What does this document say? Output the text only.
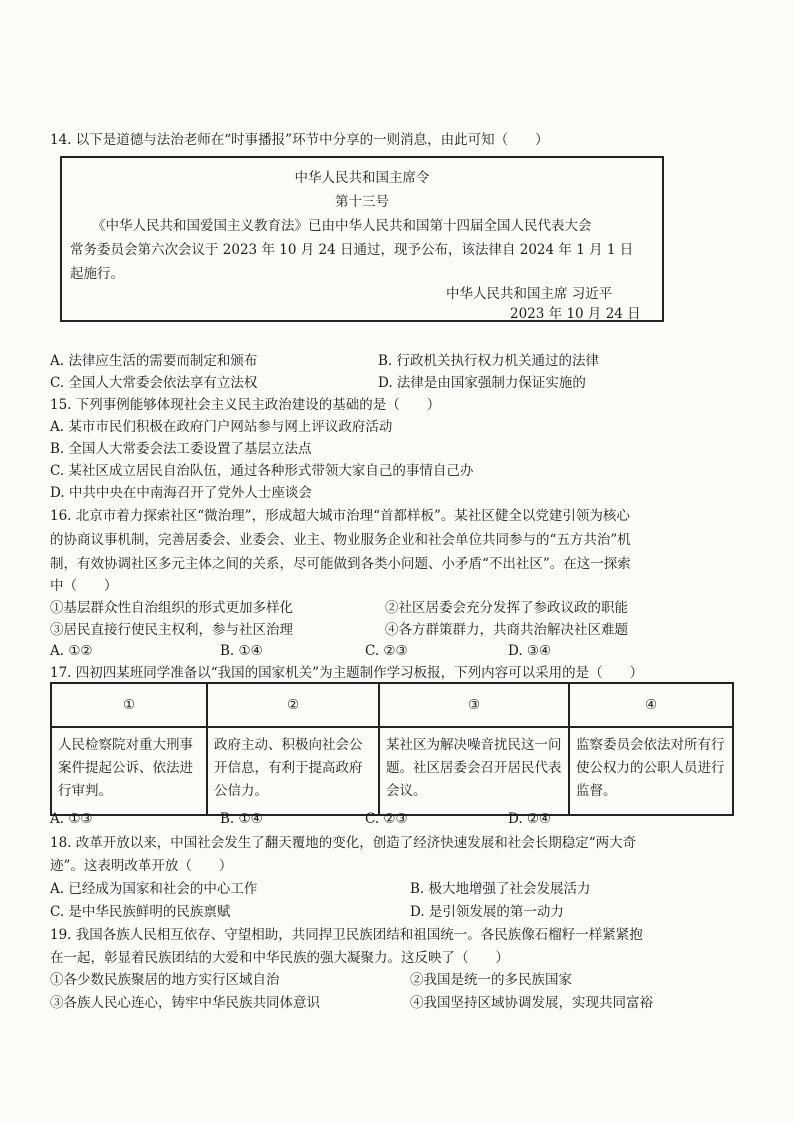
14. 以下是道德与法治老师在“时事播报”环节中分享的一则消息，由此可知（　　）
中华人民共和国主席令
第十三号
《中华人民共和国爱国主义教育法》已由中华人民共和国第十四届全国人民代表大会
常务委员会第六次会议于 2023 年 10 月 24 日通过，现予公布，该法律自 2024 年 1 月 1 日
起施行。
中华人民共和国主席 习近平
2023 年 10 月 24 日
A. 法律应生活的需要而制定和颁布	B. 行政机关执行权力机关通过的法律
C. 全国人大常委会依法享有立法权	D. 法律是由国家强制力保证实施的
15. 下列事例能够体现社会主义民主政治建设的基础的是（　　）
A. 某市市民们积极在政府门户网站参与网上评议政府活动
B. 全国人大常委会法工委设置了基层立法点
C. 某社区成立居民自治队伍，通过各种形式带领大家自己的事情自己办
D. 中共中央在中南海召开了党外人士座谈会
16. 北京市着力探索社区“微治理”，形成超大城市治理“首都样板”。某社区健全以党建引领为核心
的协商议事机制，完善居委会、业委会、业主、物业服务企业和社会单位共同参与的“五方共治”机
制，有效协调社区多元主体之间的关系，尽可能做到各类小问题、小矛盾“不出社区”。在这一探索
中（　　）
①基层群众性自治组织的形式更加多样化	②社区居委会充分发挥了参政议政的职能
③居民直接行使民主权利，参与社区治理	④各方群策群力，共商共治解决社区难题
A. ①②	B. ①④	C. ②③	D. ③④
17. 四初四某班同学准备以“我国的国家机关”为主题制作学习板报，下列内容可以采用的是（　　）
①	②	③	④

人民检察院对重大刑事案件提起公诉、依法进行审判。	政府主动、积极向社会公开信息，有利于提高政府公信力。	某社区为解决噪音扰民这一问题。社区居委会召开居民代表会议。	监察委员会依法对所有行使公权力的公职人员进行监督。
A. ①③	B. ①④	C. ②③	D. ②④
18. 改革开放以来，中国社会发生了翻天覆地的变化，创造了经济快速发展和社会长期稳定“两大奇
迹”。这表明改革开放（　　）
A. 已经成为国家和社会的中心工作	B. 极大地增强了社会发展活力
C. 是中华民族鲜明的民族禀赋	D. 是引领发展的第一动力
19. 我国各族人民相互依存、守望相助，共同捍卫民族团结和祖国统一。各民族像石榴籽一样紧紧抱
在一起，彰显着民族团结的大爱和中华民族的强大凝聚力。这反映了（　　）
①各少数民族聚居的地方实行区域自治	②我国是统一的多民族国家
③各族人民心连心，铸牢中华民族共同体意识	④我国坚持区域协调发展，实现共同富裕
